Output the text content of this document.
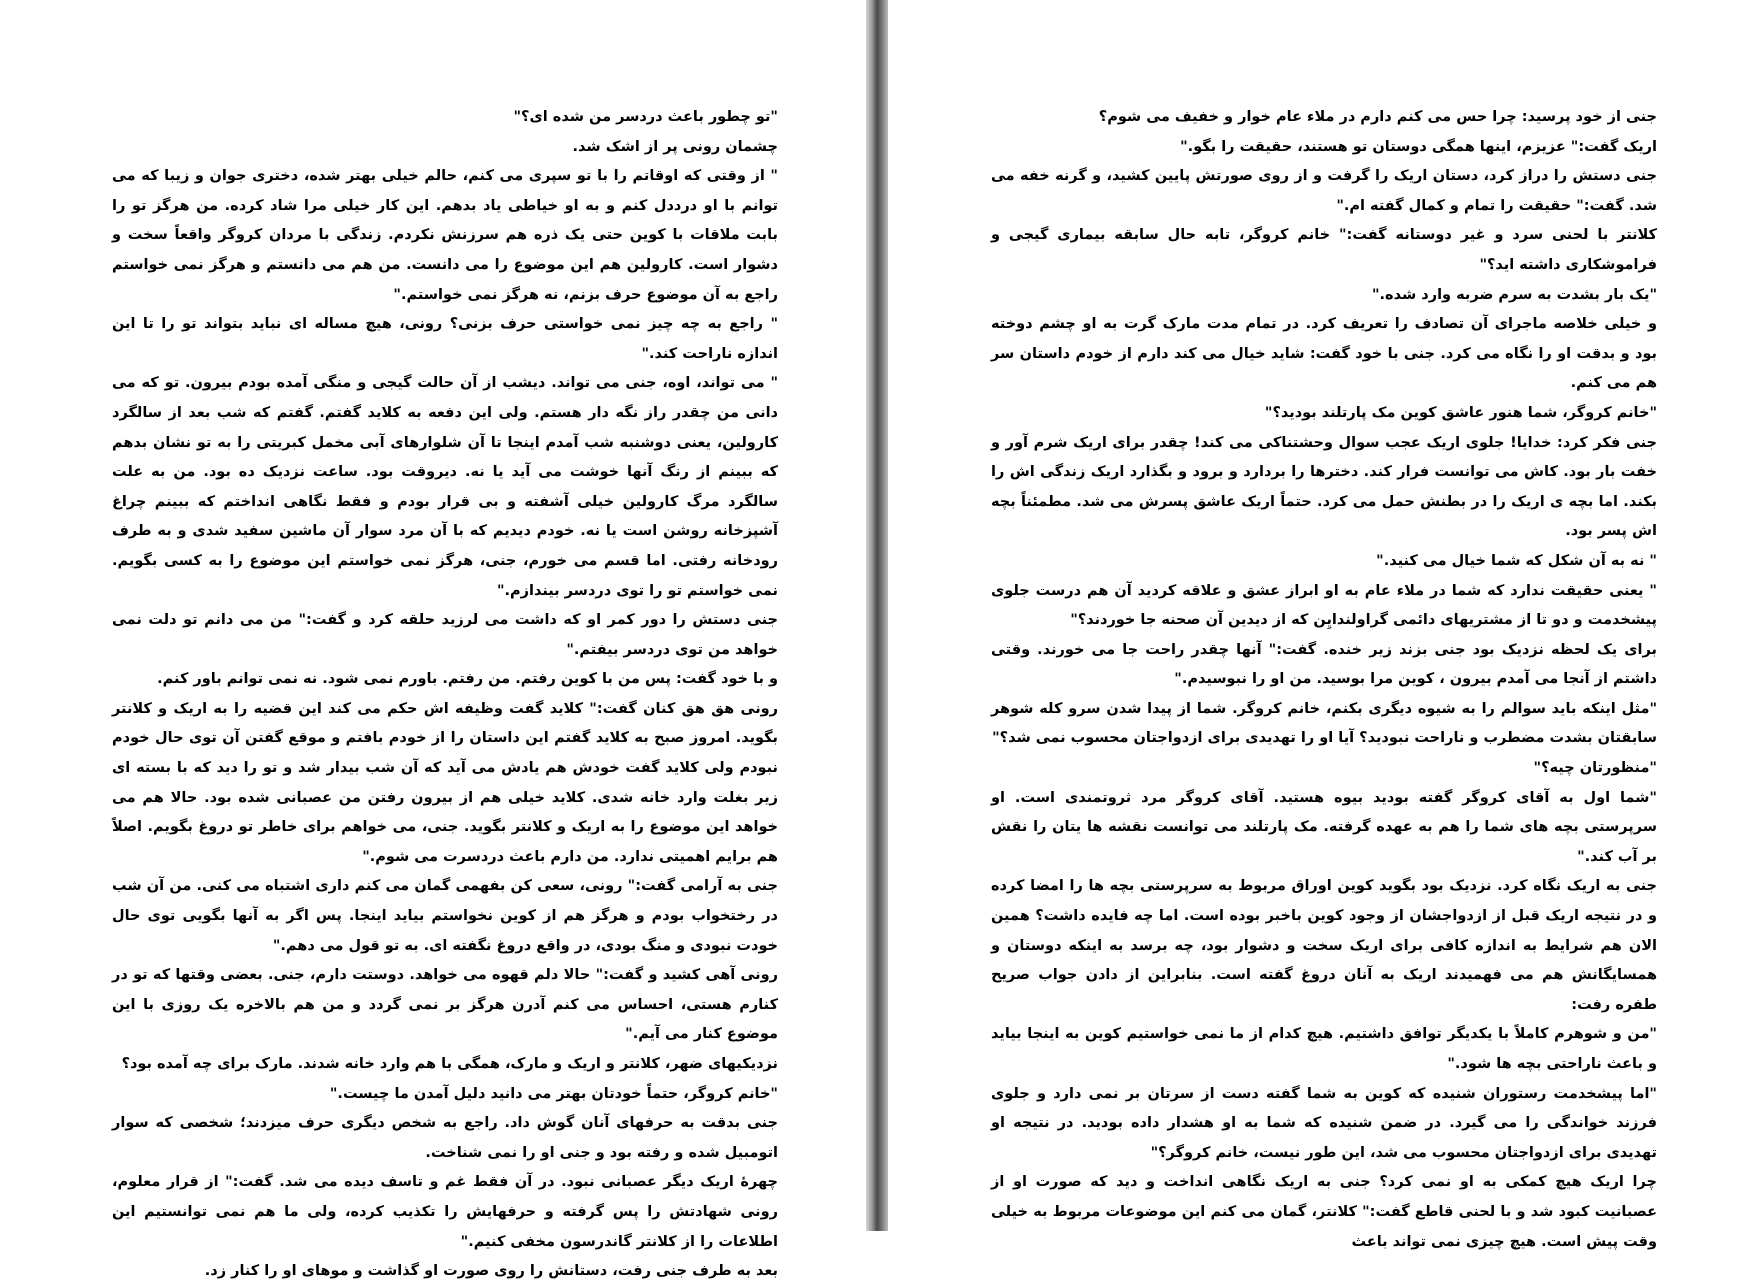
"تو چطور باعث دردسر من شده ای؟"

چشمان رونی پر از اشک شد.

" از وقتی که اوقاتم را با تو سپری می کنم، حالم خیلی بهتر شده، دختری جوان و زیبا که می توانم با او درددل کنم و به او خیاطی یاد بدهم. این کار خیلی مرا شاد کرده. من هرگز تو را بابت ملاقات با کوین حتی یک ذره هم سرزنش نکردم. زندگی با مردان کروگر واقعاً سخت و دشوار است. کارولین هم این موضوع را می دانست. من هم می دانستم و هرگز نمی خواستم راجع به آن موضوع حرف بزنم، نه هرگز نمی خواستم."

" راجع به چه چیز نمی خواستی حرف بزنی؟ رونی، هیچ مساله ای نباید بتواند تو را تا این اندازه ناراحت کند."

" می تواند، اوه، جنی می تواند. دیشب از آن حالت گیجی و منگی آمده بودم بیرون. تو که می دانی من چقدر راز نگه دار هستم. ولی این دفعه به کلاید گفتم. گفتم که شب بعد از سالگرد کارولین، یعنی دوشنبه شب آمدم اینجا تا آن شلوارهای آبی مخمل کبریتی را به تو نشان بدهم که ببینم از رنگ آنها خوشت می آید یا نه. دیروقت بود. ساعت نزدیک ده بود. من به علت سالگرد مرگ کارولین خیلی آشفته و بی قرار بودم و فقط نگاهی انداختم که ببینم چراغ آشپزخانه روشن است یا نه. خودم دیدیم که با آن مرد سوار آن ماشین سفید شدی و به طرف رودخانه رفتی. اما قسم می خورم، جنی، هرگز نمی خواستم این موضوع را به کسی بگویم. نمی خواستم تو را توی دردسر بیندازم."

جنی دستش را دور کمر او که داشت می لرزید حلقه کرد و گفت:" من می دانم تو دلت نمی خواهد من توی دردسر بیفتم."

و با خود گفت: پس من با کوین رفتم. من رفتم. باورم نمی شود. نه نمی توانم باور کنم.

رونی هق هق کنان گفت:" کلاید گفت وظیفه اش حکم می کند این قضیه را به اریک و کلانتر بگوید. امروز صبح به کلاید گفتم این داستان را از خودم بافتم و موقع گفتن آن توی حال خودم نبودم ولی کلاید گفت خودش هم یادش می آید که آن شب بیدار شد و تو را دید که با بسته ای زیر بغلت وارد خانه شدی. کلاید خیلی هم از بیرون رفتن من عصبانی شده بود. حالا هم می خواهد این موضوع را به اریک و کلانتر بگوید. جنی، می خواهم برای خاطر تو دروغ بگویم. اصلاً هم برایم اهمیتی ندارد. من دارم باعث دردسرت می شوم."

جنی به آرامی گفت:" رونی، سعی کن بفهمی گمان می کنم داری اشتباه می کنی. من آن شب در رختخواب بودم و هرگز هم از کوین نخواستم بیاید اینجا. پس اگر به آنها بگویی توی حال خودت نبودی و منگ بودی، در واقع دروغ نگفته ای. به تو قول می دهم."

رونی آهی کشید و گفت:" حالا دلم قهوه می خواهد. دوستت دارم، جنی. بعضی وقتها که تو در کنارم هستی، احساس می کنم آدرن هرگز بر نمی گردد و من هم بالاخره یک روزی با این موضوع کنار می آیم."

نزدیکیهای ضهر، کلانتر و اریک و مارک، همگی با هم وارد خانه شدند. مارک برای چه آمده بود؟

"خانم کروگر، حتماً خودتان بهتر می دانید دلیل آمدن ما چیست."

جنی بدقت به حرفهای آنان گوش داد. راجع به شخص دیگری حرف میزدند؛ شخصی که سوار اتومبیل شده و رفته بود و جنی او را نمی شناخت.

چهرهٔ اریک دیگر عصبانی نبود. در آن فقط غم و تاسف دیده می شد. گفت:" از قرار معلوم، رونی شهادتش را پس گرفته و حرفهایش را تکذیب کرده، ولی ما هم نمی توانستیم این اطلاعات را از کلانتر گاندرسون مخفی کنیم."

بعد به طرف جنی رفت، دستانش را روی صورت او گذاشت و موهای او را کنار زد.

جنی از خود پرسید: چرا حس می کنم دارم در ملاء عام خوار و خفیف می شوم؟

اریک گفت:" عزیزم، اینها همگی دوستان تو هستند، حقیقت را بگو."

جنی دستش را دراز کرد، دستان اریک را گرفت و از روی صورتش پایین کشید، و گرنه خفه می شد. گفت:" حقیقت را تمام و کمال گفته ام."

کلانتر با لحنی سرد و غیر دوستانه گفت:" خانم کروگر، تابه حال سابقه بیماری گیجی و فراموشکاری داشته اید؟"

"یک بار بشدت به سرم ضربه وارد شده."

و خیلی خلاصه ماجرای آن تصادف را تعریف کرد. در تمام مدت مارک گرت به او چشم دوخته بود و بدقت او را نگاه می کرد. جنی با خود گفت: شاید خیال می کند دارم از خودم داستان سر هم می کنم.

"خانم کروگر، شما هنور عاشق کوین مک پارتلند بودید؟"

جنی فکر کرد: خدایا! جلوی اریک عجب سوال وحشتناکی می کند! چقدر برای اریک شرم آور و خفت بار بود. کاش می توانست فرار کند. دخترها را بردارد و برود و بگذارد اریک زندگی اش را بکند. اما بچه ی اریک را در بطنش حمل می کرد. حتماً اریک عاشق پسرش می شد. مطمئناً بچه اش پسر بود.

" نه به آن شکل که شما خیال می کنید."

" یعنی حقیقت ندارد که شما در ملاء عام به او ابراز عشق و علاقه کردید آن هم درست جلوی پیشخدمت و دو تا از مشتریهای دائمی گراولندایِن که از دیدین آن صحنه جا خوردند؟"

برای یک لحظه نزدیک بود جنی بزند زیر خنده. گفت:" آنها چقدر راحت جا می خورند. وقتی داشتم از آنجا می آمدم بیرون ، کوین مرا بوسید. من او را نبوسیدم."

"مثل اینکه باید سوالم را به شیوه دیگری بکنم، خانم کروگر. شما از پیدا شدن سرو کله شوهر سابقتان بشدت مضطرب و ناراحت نبودید؟ آیا او را تهدیدی برای ازدواجتان محسوب نمی شد؟"

"منظورتان چیه؟"

"شما اول به آقای کروگر گفته بودید بیوه هستید. آقای کروگر مرد ثروتمندی است. او سرپرستی بچه های شما را هم به عهده گرفته. مک پارتلند می توانست نقشه ها یتان را نقش بر آب کند."

جنی به اریک نگاه کرد. نزدیک بود بگوید کوین اوراق مربوط به سرپرستی بچه ها را امضا کرده و در نتیجه اریک قبل از ازدواجشان از وجود کوین باخبر بوده است. اما چه فایده داشت؟ همین الان هم شرایط به اندازه کافی برای اریک سخت و دشوار بود، چه برسد به اینکه دوستان و همسایگانش هم می فهمیدند اریک به آنان دروغ گفته است. بنابراین از دادن جواب صریح طفره رفت:

"من و شوهرم کاملاً با یکدیگر توافق داشتیم. هیچ کدام از ما نمی خواستیم کوین به اینجا بیاید و باعث ناراحتی بچه ها شود."

"اما پیشخدمت رستوران شنیده که کوین به شما گفته دست از سرتان بر نمی دارد و جلوی فرزند خواندگی را می گیرد. در ضمن شنیده که شما به او هشدار داده بودید. در نتیجه او تهدیدی برای ازدواجتان محسوب می شد، این طور نیست، خانم کروگر؟"

چرا اریک هیچ کمکی به او نمی کرد؟ جنی به اریک نگاهی انداخت و دید که صورت او از عصبانیت کبود شد و با لحنی قاطع گفت:" کلانتر، گمان می کنم این موضوعات مربوط به خیلی وقت پیش است. هیچ چیزی نمی تواند باعث
